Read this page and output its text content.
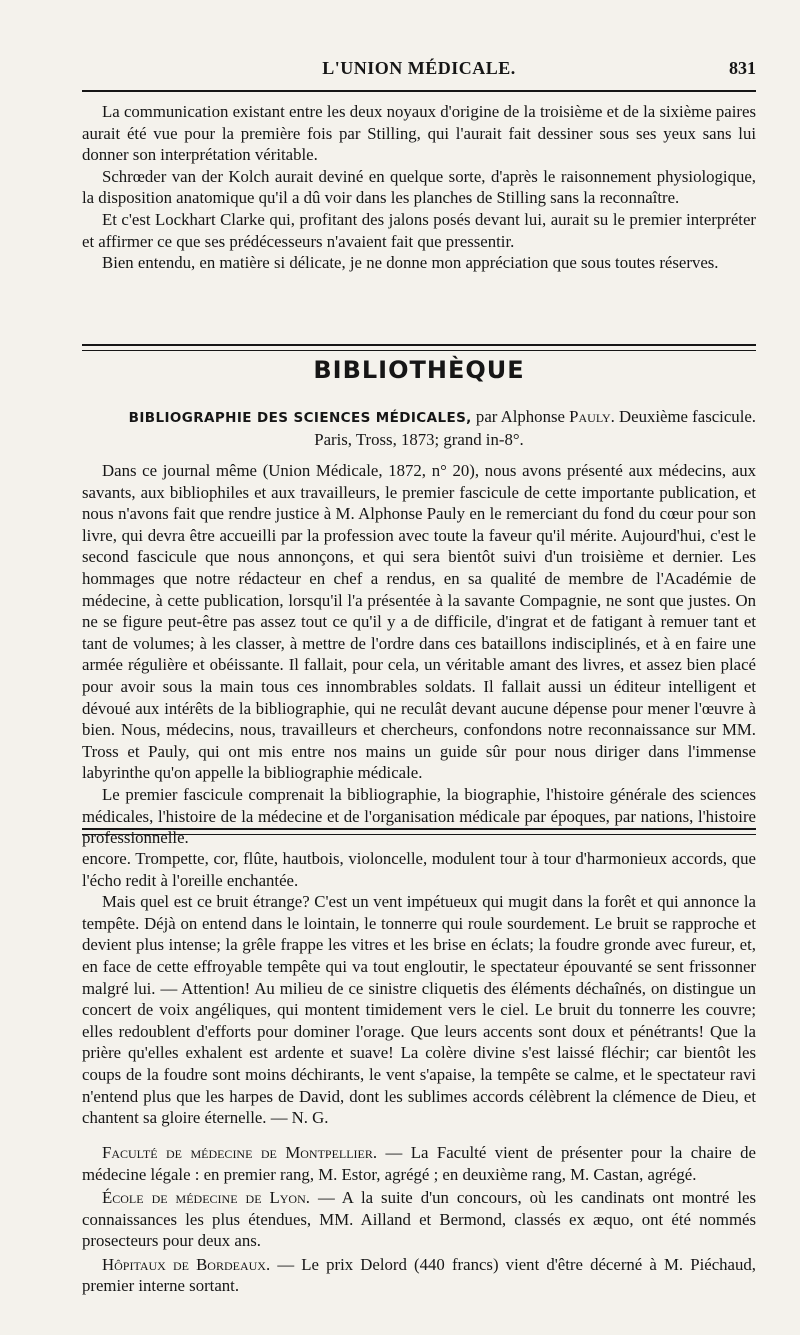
L'UNION MÉDICALE.	831

La communication existant entre les deux noyaux d'origine de la troisième et de la sixième paires aurait été vue pour la première fois par Stilling, qui l'aurait fait dessiner sous ses yeux sans lui donner son interprétation véritable.

Schrœder van der Kolch aurait deviné en quelque sorte, d'après le raisonnement physiologique, la disposition anatomique qu'il a dû voir dans les planches de Stilling sans la reconnaître.

Et c'est Lockhart Clarke qui, profitant des jalons posés devant lui, aurait su le premier interpréter et affirmer ce que ses prédécesseurs n'avaient fait que pressentir.

Bien entendu, en matière si délicate, je ne donne mon appréciation que sous toutes réserves.

BIBLIOTHÈQUE
BIBLIOGRAPHIE DES SCIENCES MÉDICALES, par Alphonse Pauly. Deuxième fascicule.
Paris, Tross, 1873; grand in-8°.

Dans ce journal même (Union Médicale, 1872, n° 20), nous avons présenté aux médecins, aux savants, aux bibliophiles et aux travailleurs, le premier fascicule de cette importante publication, et nous n'avons fait que rendre justice à M. Alphonse Pauly en le remerciant du fond du cœur pour son livre, qui devra être accueilli par la profession avec toute la faveur qu'il mérite. Aujourd'hui, c'est le second fascicule que nous annonçons, et qui sera bientôt suivi d'un troisième et dernier. Les hommages que notre rédacteur en chef a rendus, en sa qualité de membre de l'Académie de médecine, à cette publication, lorsqu'il l'a présentée à la savante Compagnie, ne sont que justes. On ne se figure peut-être pas assez tout ce qu'il y a de difficile, d'ingrat et de fatigant à remuer tant et tant de volumes; à les classer, à mettre de l'ordre dans ces bataillons indisciplinés, et à en faire une armée régulière et obéissante. Il fallait, pour cela, un véritable amant des livres, et assez bien placé pour avoir sous la main tous ces innombrables soldats. Il fallait aussi un éditeur intelligent et dévoué aux intérêts de la bibliographie, qui ne reculât devant aucune dépense pour mener l'œuvre à bien. Nous, médecins, nous, travailleurs et chercheurs, confondons notre reconnaissance sur MM. Tross et Pauly, qui ont mis entre nos mains un guide sûr pour nous diriger dans l'immense labyrinthe qu'on appelle la bibliographie médicale.

Le premier fascicule comprenait la bibliographie, la biographie, l'histoire générale des sciences médicales, l'histoire de la médecine et de l'organisation médicale par époques, par nations, l'histoire professionnelle.

encore. Trompette, cor, flûte, hautbois, violoncelle, modulent tour à tour d'harmonieux accords, que l'écho redit à l'oreille enchantée.

Mais quel est ce bruit étrange? C'est un vent impétueux qui mugit dans la forêt et qui annonce la tempête. Déjà on entend dans le lointain, le tonnerre qui roule sourdement. Le bruit se rapproche et devient plus intense; la grêle frappe les vitres et les brise en éclats; la foudre gronde avec fureur, et, en face de cette effroyable tempête qui va tout engloutir, le spectateur épouvanté se sent frissonner malgré lui. — Attention! Au milieu de ce sinistre cliquetis des éléments déchaînés, on distingue un concert de voix angéliques, qui montent timidement vers le ciel. Le bruit du tonnerre les couvre; elles redoublent d'efforts pour dominer l'orage. Que leurs accents sont doux et pénétrants! Que la prière qu'elles exhalent est ardente et suave! La colère divine s'est laissé fléchir; car bientôt les coups de la foudre sont moins déchirants, le vent s'apaise, la tempête se calme, et le spectateur ravi n'entend plus que les harpes de David, dont les sublimes accords célèbrent la clémence de Dieu, et chantent sa gloire éternelle. — N. G.

Faculté de médecine de Montpellier. — La Faculté vient de présenter pour la chaire de médecine légale : en premier rang, M. Estor, agrégé ; en deuxième rang, M. Castan, agrégé.

École de médecine de Lyon. — A la suite d'un concours, où les candinats ont montré les connaissances les plus étendues, MM. Ailland et Bermond, classés ex æquo, ont été nommés prosecteurs pour deux ans.

Hôpitaux de Bordeaux. — Le prix Delord (440 francs) vient d'être décerné à M. Piéchaud, premier interne sortant.
